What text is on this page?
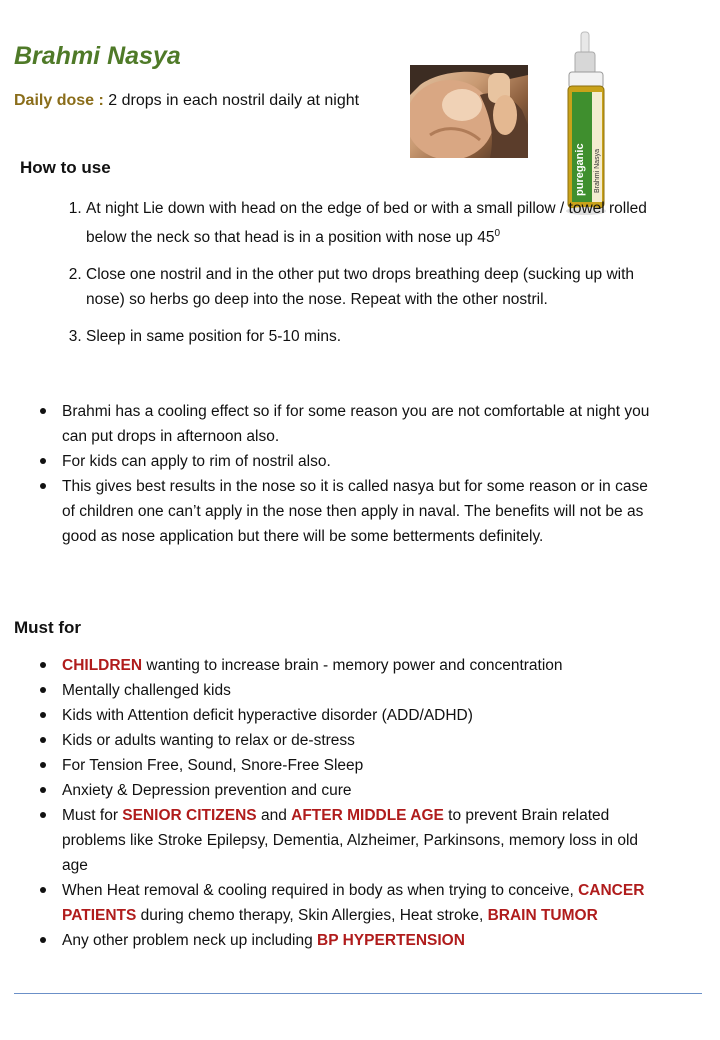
Brahmi Nasya
Daily dose : 2 drops in each nostril daily at night
pureganic Brahmi Nasya
How to use
1. At night Lie down with head on the edge of bed or with a small pillow / towel rolled below the neck so that head is in a position with nose up $45^0$
2. Close one nostril and in the other put two drops breathing deep (sucking up with nose) so herbs go deep into the nose. Repeat with the other nostril.
3. Sleep in same position for 5-10 mins.
Brahmi has a cooling effect so if for some reason you are not comfortable at night you can put drops in afternoon also.
For kids can apply to rim of nostril also.
This gives best results in the nose so it is called nasya but for some reason or in case of children one can’t apply in the nose then apply in naval. The benefits will not be as good as nose application but there will be some betterments definitely.
Must for
CHILDREN wanting to increase brain - memory power and concentration
Mentally challenged kids
Kids with Attention deficit hyperactive disorder (ADD/ADHD)
Kids or adults wanting to relax or de-stress
For Tension Free, Sound, Snore-Free Sleep
Anxiety & Depression prevention and cure
Must for SENIOR CITIZENS and AFTER MIDDLE AGE to prevent Brain related problems like Stroke Epilepsy, Dementia, Alzheimer, Parkinsons, memory loss in old age
When Heat removal & cooling required in body as when trying to conceive, CANCER PATIENTS during chemo therapy, Skin Allergies, Heat stroke, BRAIN TUMOR
Any other problem neck up including BP HYPERTENSION
